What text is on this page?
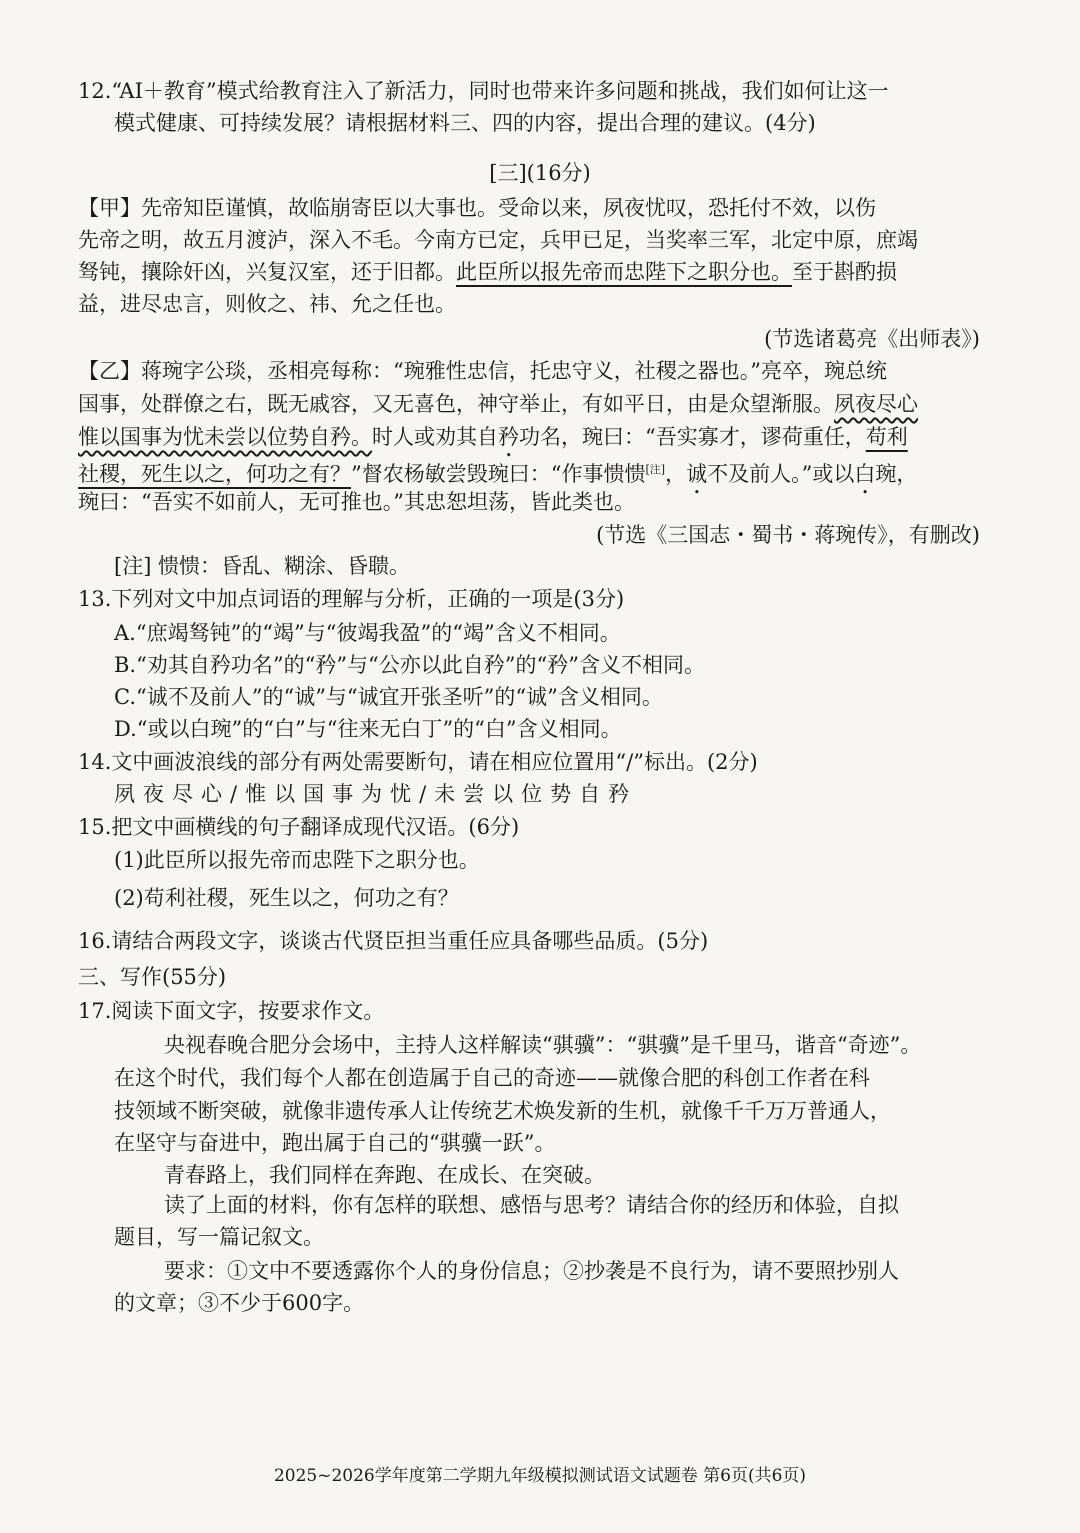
12.“AI＋教育”模式给教育注入了新活力，同时也带来许多问题和挑战，我们如何让这一
模式健康、可持续发展？请根据材料三、四的内容，提出合理的建议。(4分)
[三](16分)
【甲】先帝知臣谨慎，故临崩寄臣以大事也。受命以来，夙夜忧叹，恐托付不效，以伤
先帝之明，故五月渡泸，深入不毛。今南方已定，兵甲已足，当奖率三军，北定中原，庶竭
驽钝，攘除奸凶，兴复汉室，还于旧都。此臣所以报先帝而忠陛下之职分也。至于斟酌损
益，进尽忠言，则攸之、祎、允之任也。
(节选诸葛亮《出师表》)
【乙】蒋琬字公琰，丞相亮每称：“琬雅性忠信，托忠守义，社稷之器也。”亮卒，琬总统
国事，处群僚之右，既无戚容，又无喜色，神守举止，有如平日，由是众望渐服。夙夜尽心
惟以国事为忧未尝以位势自矜。时人或劝其自矜功名，琬曰：“吾实寡才，谬荷重任，苟利
社稷，死生以之，何功之有？”督农杨敏尝毁琬曰：“作事愦愦[注]，诚不及前人。”或以白琬，
琬曰：“吾实不如前人，无可推也。”其忠恕坦荡，皆此类也。
(节选《三国志・蜀书・蒋琬传》，有删改)
[注] 愦愦：昏乱、糊涂、昏聩。
13.下列对文中加点词语的理解与分析，正确的一项是(3分)
A.“庶竭驽钝”的“竭”与“彼竭我盈”的“竭”含义不相同。
B.“劝其自矜功名”的“矜”与“公亦以此自矜”的“矜”含义不相同。
C.“诚不及前人”的“诚”与“诚宜开张圣听”的“诚”含义相同。
D.“或以白琬”的“白”与“往来无白丁”的“白”含义相同。
14.文中画波浪线的部分有两处需要断句，请在相应位置用“/”标出。(2分)
夙夜尽心/惟以国事为忧/未尝以位势自矜
15.把文中画横线的句子翻译成现代汉语。(6分)
(1)此臣所以报先帝而忠陛下之职分也。
(2)苟利社稷，死生以之，何功之有？
16.请结合两段文字，谈谈古代贤臣担当重任应具备哪些品质。(5分)
三、写作(55分)
17.阅读下面文字，按要求作文。
央视春晚合肥分会场中，主持人这样解读“骐骥”：“骐骥”是千里马，谐音“奇迹”。
在这个时代，我们每个人都在创造属于自己的奇迹——就像合肥的科创工作者在科
技领域不断突破，就像非遗传承人让传统艺术焕发新的生机，就像千千万万普通人，
在坚守与奋进中，跑出属于自己的“骐骥一跃”。
青春路上，我们同样在奔跑、在成长、在突破。
读了上面的材料，你有怎样的联想、感悟与思考？请结合你的经历和体验，自拟
题目，写一篇记叙文。
要求：①文中不要透露你个人的身份信息；②抄袭是不良行为，请不要照抄别人
的文章；③不少于600字。
2025~2026学年度第二学期九年级模拟测试语文试题卷 第6页(共6页)
